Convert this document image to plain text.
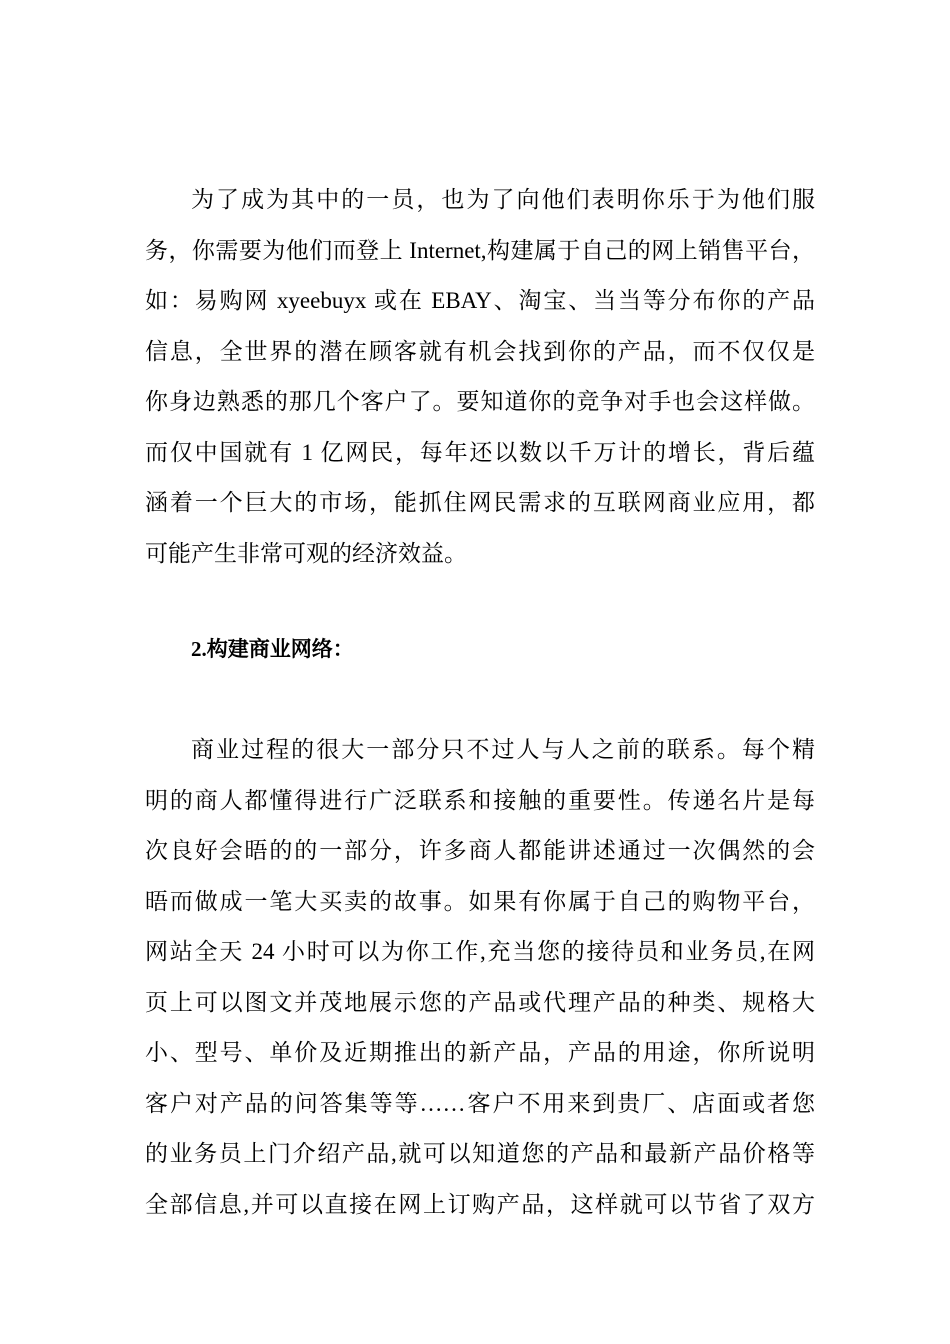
为了成为其中的一员，也为了向他们表明你乐于为他们服
务，你需要为他们而登上 Internet,构建属于自己的网上销售平台，
如：易购网 xyeebuyx 或在 EBAY、淘宝、当当等分布你的产品
信息，全世界的潜在顾客就有机会找到你的产品，而不仅仅是
你身边熟悉的那几个客户了。要知道你的竞争对手也会这样做。
而仅中国就有 1 亿网民，每年还以数以千万计的增长，背后蕴
涵着一个巨大的市场，能抓住网民需求的互联网商业应用，都
可能产生非常可观的经济效益。
2.构建商业网络：
商业过程的很大一部分只不过人与人之前的联系。每个精
明的商人都懂得进行广泛联系和接触的重要性。传递名片是每
次良好会晤的的一部分，许多商人都能讲述通过一次偶然的会
晤而做成一笔大买卖的故事。如果有你属于自己的购物平台，
网站全天 24 小时可以为你工作,充当您的接待员和业务员,在网
页上可以图文并茂地展示您的产品或代理产品的种类、规格大
小、型号、单价及近期推出的新产品，产品的用途，你所说明
客户对产品的问答集等等……客户不用来到贵厂、店面或者您
的业务员上门介绍产品,就可以知道您的产品和最新产品价格等
全部信息,并可以直接在网上订购产品，这样就可以节省了双方
